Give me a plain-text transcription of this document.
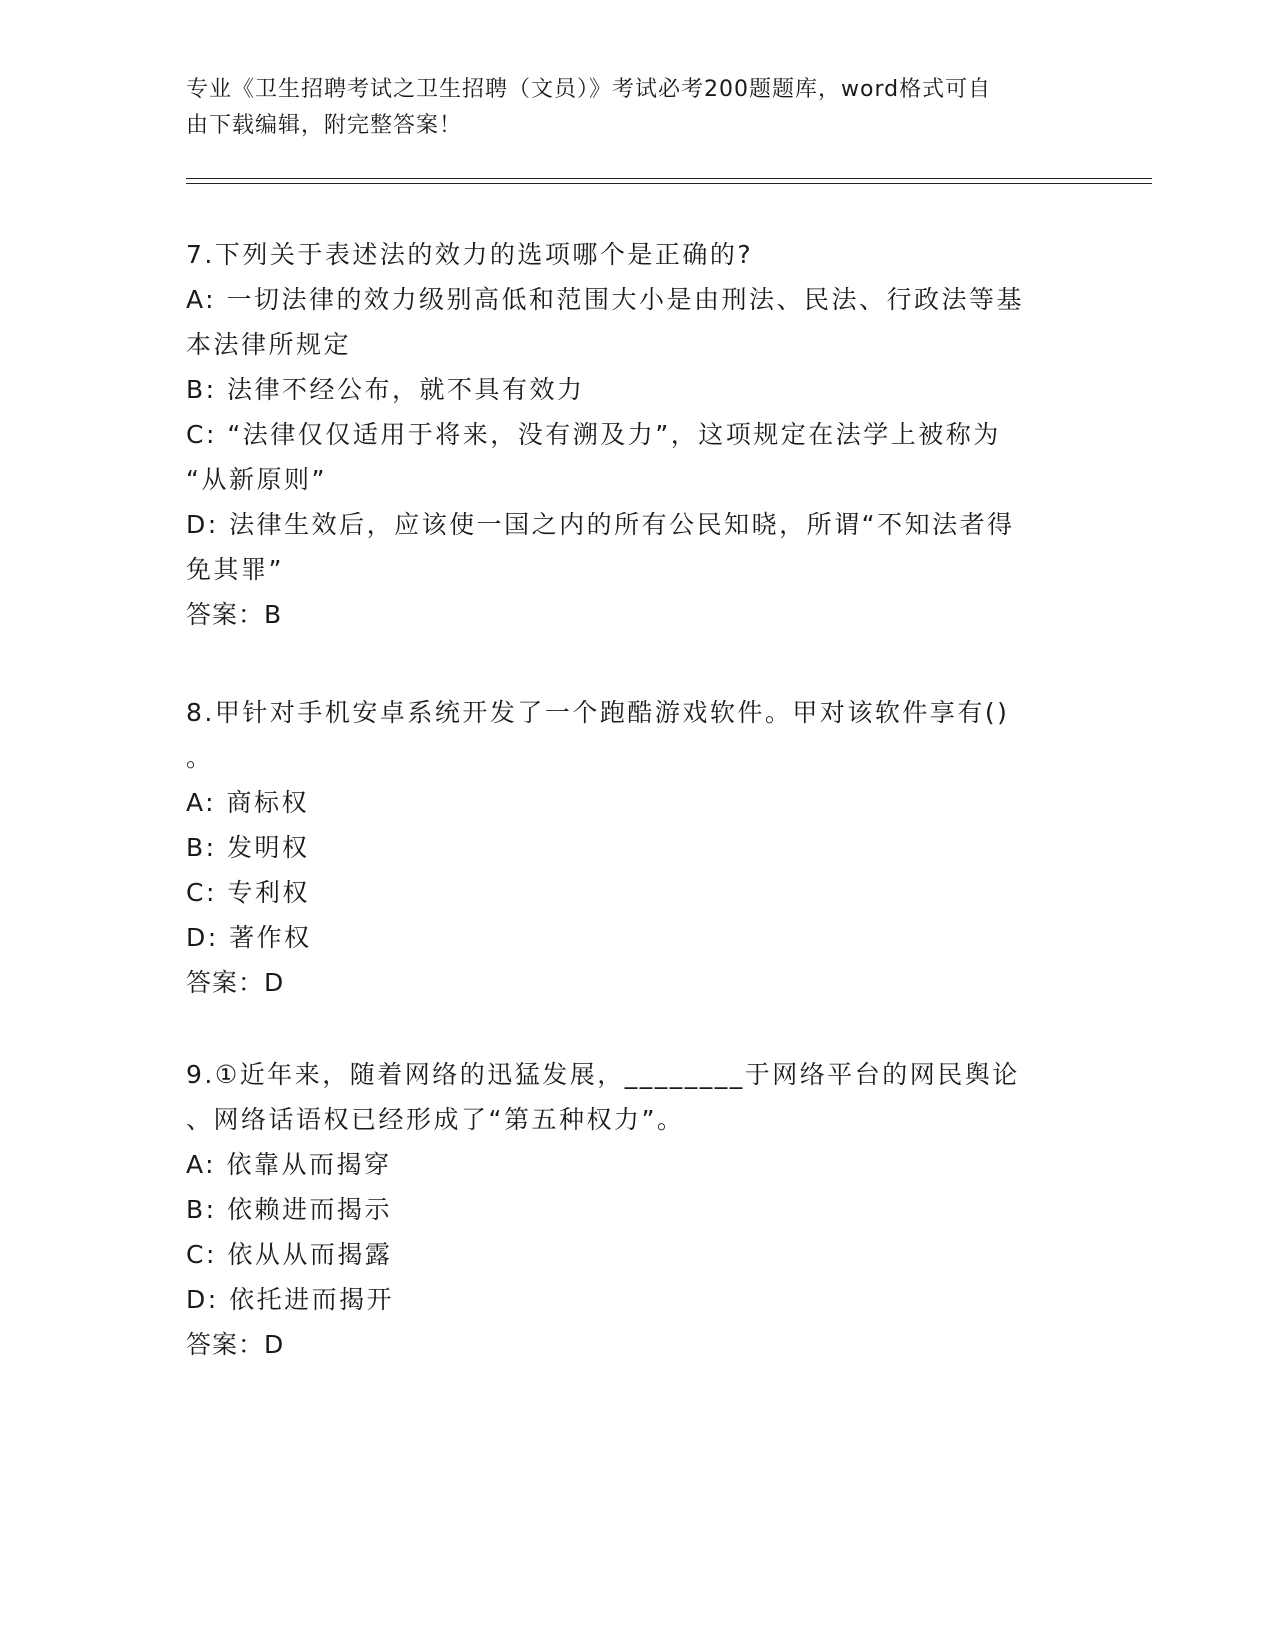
专业《卫生招聘考试之卫生招聘（文员）》考试必考200题题库，word格式可自
由下载编辑，附完整答案！

7.下列关于表述法的效力的选项哪个是正确的?

A: 一切法律的效力级别高低和范围大小是由刑法、民法、行政法等基

本法律所规定

B: 法律不经公布，就不具有效力

C: “法律仅仅适用于将来，没有溯及力”，这项规定在法学上被称为

“从新原则”

D: 法律生效后，应该使一国之内的所有公民知晓，所谓“不知法者得

免其罪”

答案：B

8.甲针对手机安卓系统开发了一个跑酷游戏软件。甲对该软件享有()

。

A: 商标权

B: 发明权

C: 专利权

D: 著作权

答案：D

9.①近年来，随着网络的迅猛发展，________于网络平台的网民舆论

、网络话语权已经形成了“第五种权力”。

A: 依靠从而揭穿

B: 依赖进而揭示

C: 依从从而揭露

D: 依托进而揭开

答案：D
